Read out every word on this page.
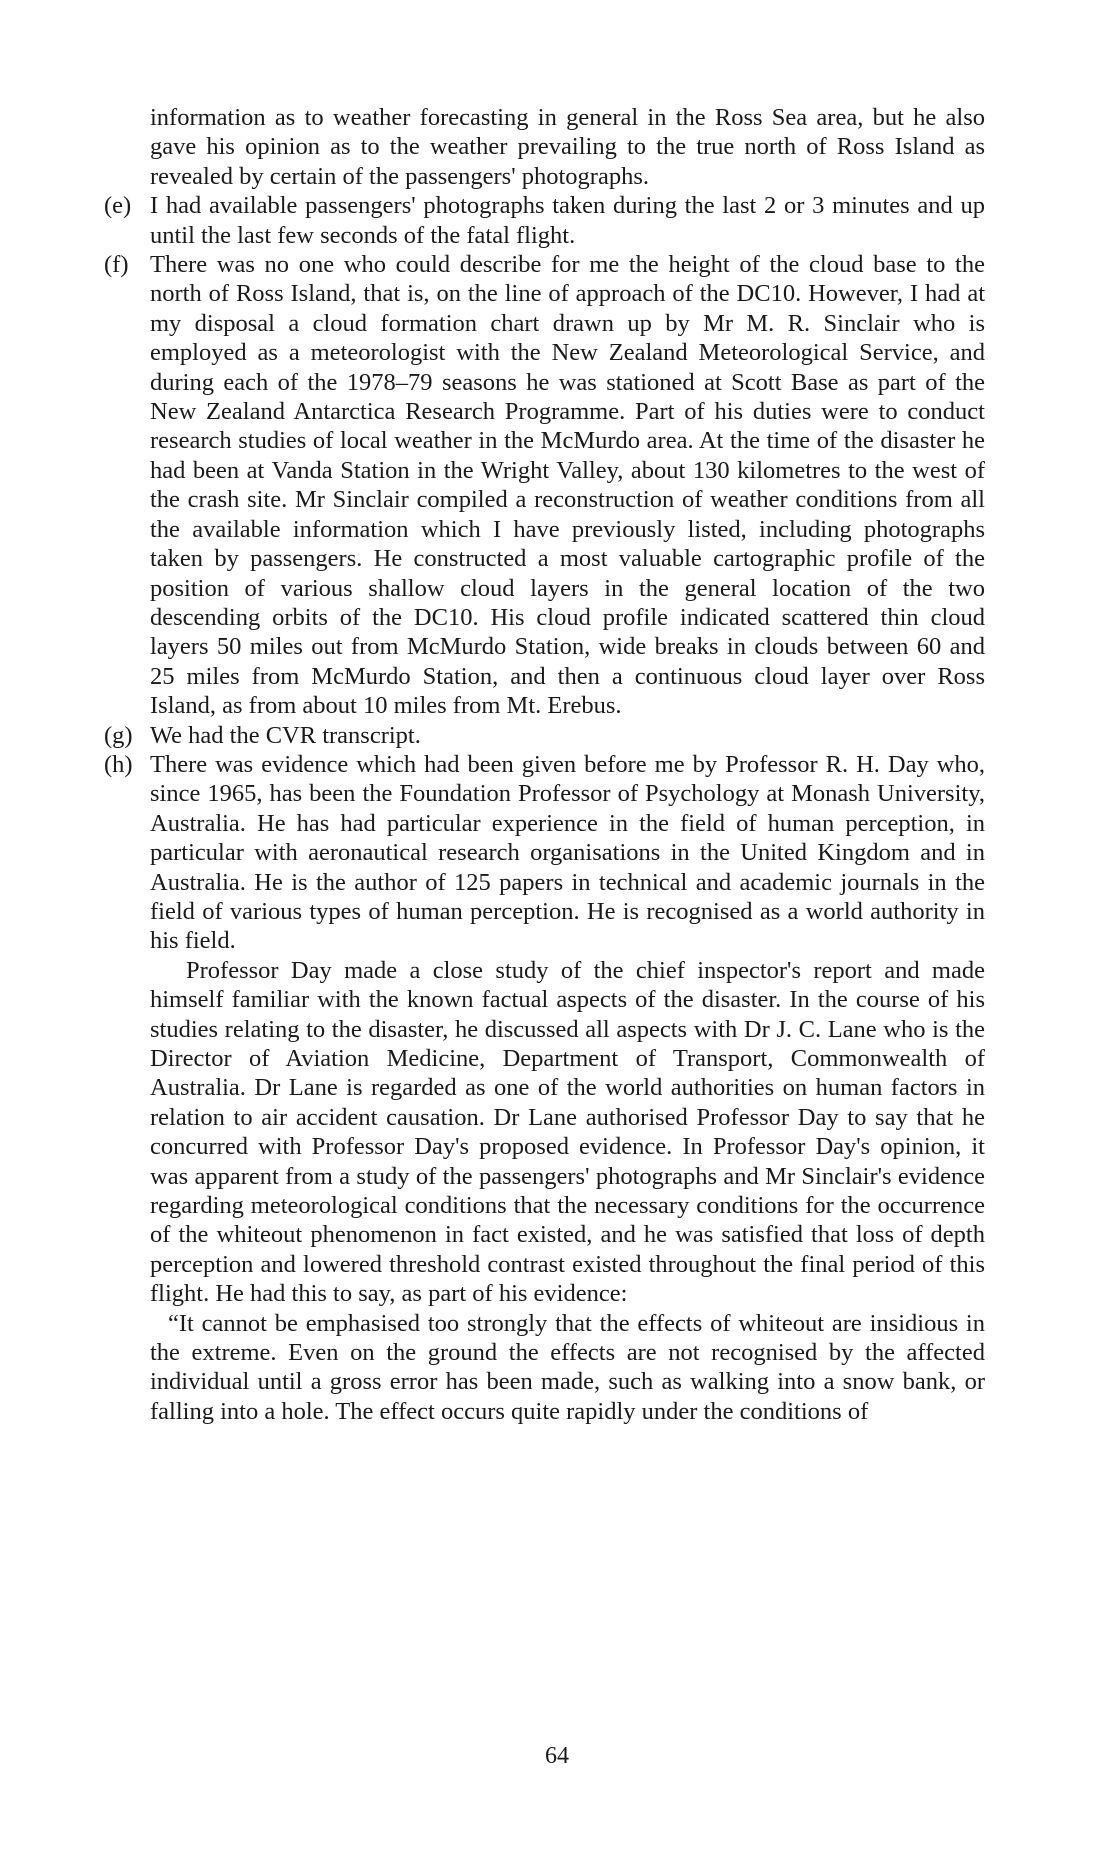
information as to weather forecasting in general in the Ross Sea area, but he also gave his opinion as to the weather prevailing to the true north of Ross Island as revealed by certain of the passengers' photographs.

(e) I had available passengers' photographs taken during the last 2 or 3 minutes and up until the last few seconds of the fatal flight.

(f) There was no one who could describe for me the height of the cloud base to the north of Ross Island, that is, on the line of approach of the DC10. However, I had at my disposal a cloud formation chart drawn up by Mr M. R. Sinclair who is employed as a meteorologist with the New Zealand Meteorological Service, and during each of the 1978–79 seasons he was stationed at Scott Base as part of the New Zealand Antarctica Research Programme. Part of his duties were to conduct research studies of local weather in the McMurdo area. At the time of the disaster he had been at Vanda Station in the Wright Valley, about 130 kilometres to the west of the crash site. Mr Sinclair compiled a reconstruction of weather conditions from all the available information which I have previously listed, including photographs taken by passengers. He constructed a most valuable cartographic profile of the position of various shallow cloud layers in the general location of the two descending orbits of the DC10. His cloud profile indicated scattered thin cloud layers 50 miles out from McMurdo Station, wide breaks in clouds between 60 and 25 miles from McMurdo Station, and then a continuous cloud layer over Ross Island, as from about 10 miles from Mt. Erebus.

(g) We had the CVR transcript.

(h) There was evidence which had been given before me by Professor R. H. Day who, since 1965, has been the Foundation Professor of Psychology at Monash University, Australia. He has had particular experience in the field of human perception, in particular with aeronautical research organisations in the United Kingdom and in Australia. He is the author of 125 papers in technical and academic journals in the field of various types of human perception. He is recognised as a world authority in his field.

Professor Day made a close study of the chief inspector's report and made himself familiar with the known factual aspects of the disaster. In the course of his studies relating to the disaster, he discussed all aspects with Dr J. C. Lane who is the Director of Aviation Medicine, Department of Transport, Commonwealth of Australia. Dr Lane is regarded as one of the world authorities on human factors in relation to air accident causation. Dr Lane authorised Professor Day to say that he concurred with Professor Day's proposed evidence. In Professor Day's opinion, it was apparent from a study of the passengers' photographs and Mr Sinclair's evidence regarding meteorological conditions that the necessary conditions for the occurrence of the whiteout phenomenon in fact existed, and he was satisfied that loss of depth perception and lowered threshold contrast existed throughout the final period of this flight. He had this to say, as part of his evidence:

“It cannot be emphasised too strongly that the effects of whiteout are insidious in the extreme. Even on the ground the effects are not recognised by the affected individual until a gross error has been made, such as walking into a snow bank, or falling into a hole. The effect occurs quite rapidly under the conditions of

64
